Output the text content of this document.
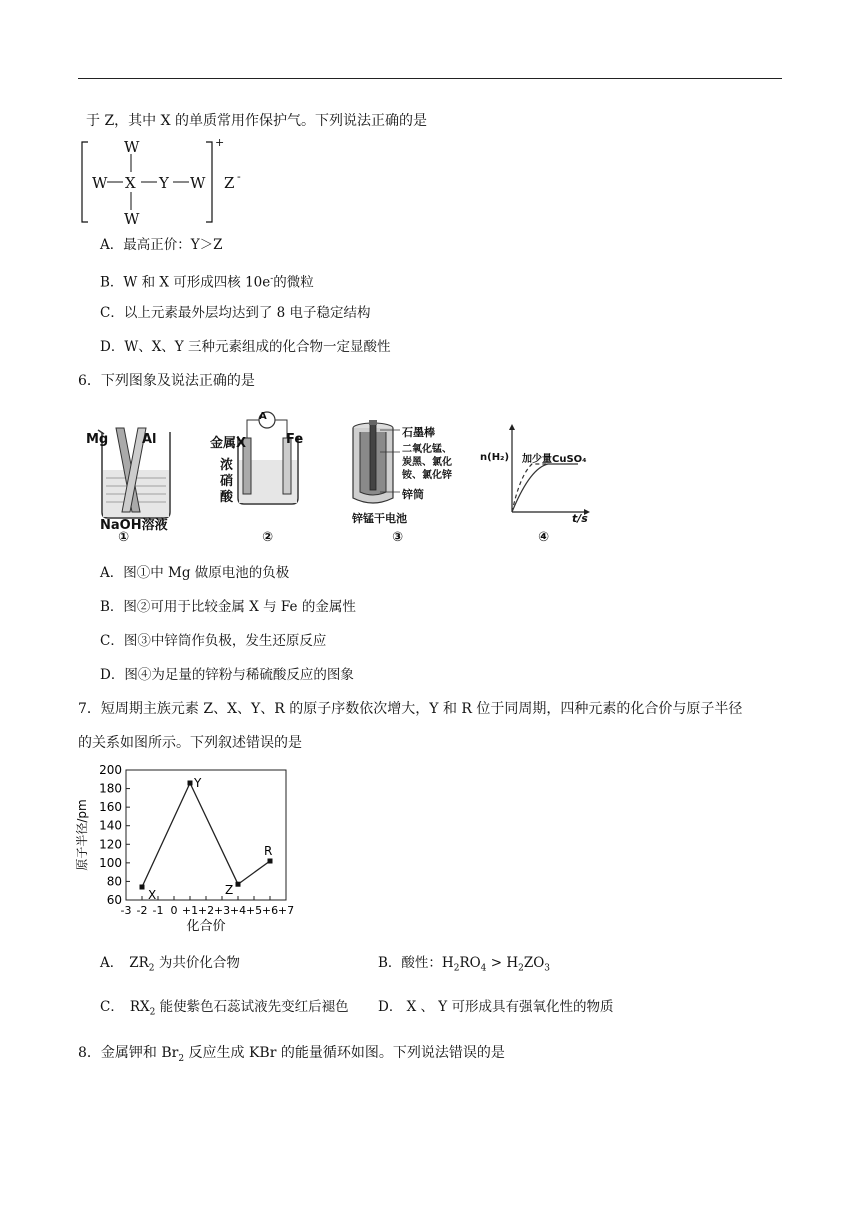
于 Z，其中 X 的单质常用作保护气。下列说法正确的是
W
W X Y W
W
+
Z -
A．最高正价：Y＞Z
B．W 和 X 可形成四核 10e-的微粒
C．以上元素最外层均达到了 8 电子稳定结构
D．W、X、Y 三种元素组成的化合物一定显酸性
6．下列图象及说法正确的是
Mg	Al
NaOH溶液
①
A
金属X	Fe
浓
硝
酸
②
石墨棒
二氧化锰、
炭黑、氯化
铵、氯化锌
锌筒
锌锰干电池
③
n(H₂) 加少量CuSO₄
t/s
④
A．图①中 Mg 做原电池的负极
B．图②可用于比较金属 X 与 Fe 的金属性
C．图③中锌筒作负极，发生还原反应
D．图④为足量的锌粉与稀硫酸反应的图象
7．短周期主族元素 Z、X、Y、R 的原子序数依次增大，Y 和 R 位于同周期，四种元素的化合价与原子半径
的关系如图所示。下列叙述错误的是
60
80
100
120
140
160
180
200
-3 -2 -1 0 +1 +2 +3 +4 +5 +6 +7
X
Y
Z
R
化合价
原子半径/pm
A． $ZR_2$ 为共价化合物	B．酸性：$H_2RO_4 > H_2ZO_3$
C． $RX_2$ 能使紫色石蕊试液先变红后褪色 D． X 、 Y 可形成具有强氧化性的物质
8．金属钾和 $Br_2$ 反应生成 KBr 的能量循环如图。下列说法错误的是
